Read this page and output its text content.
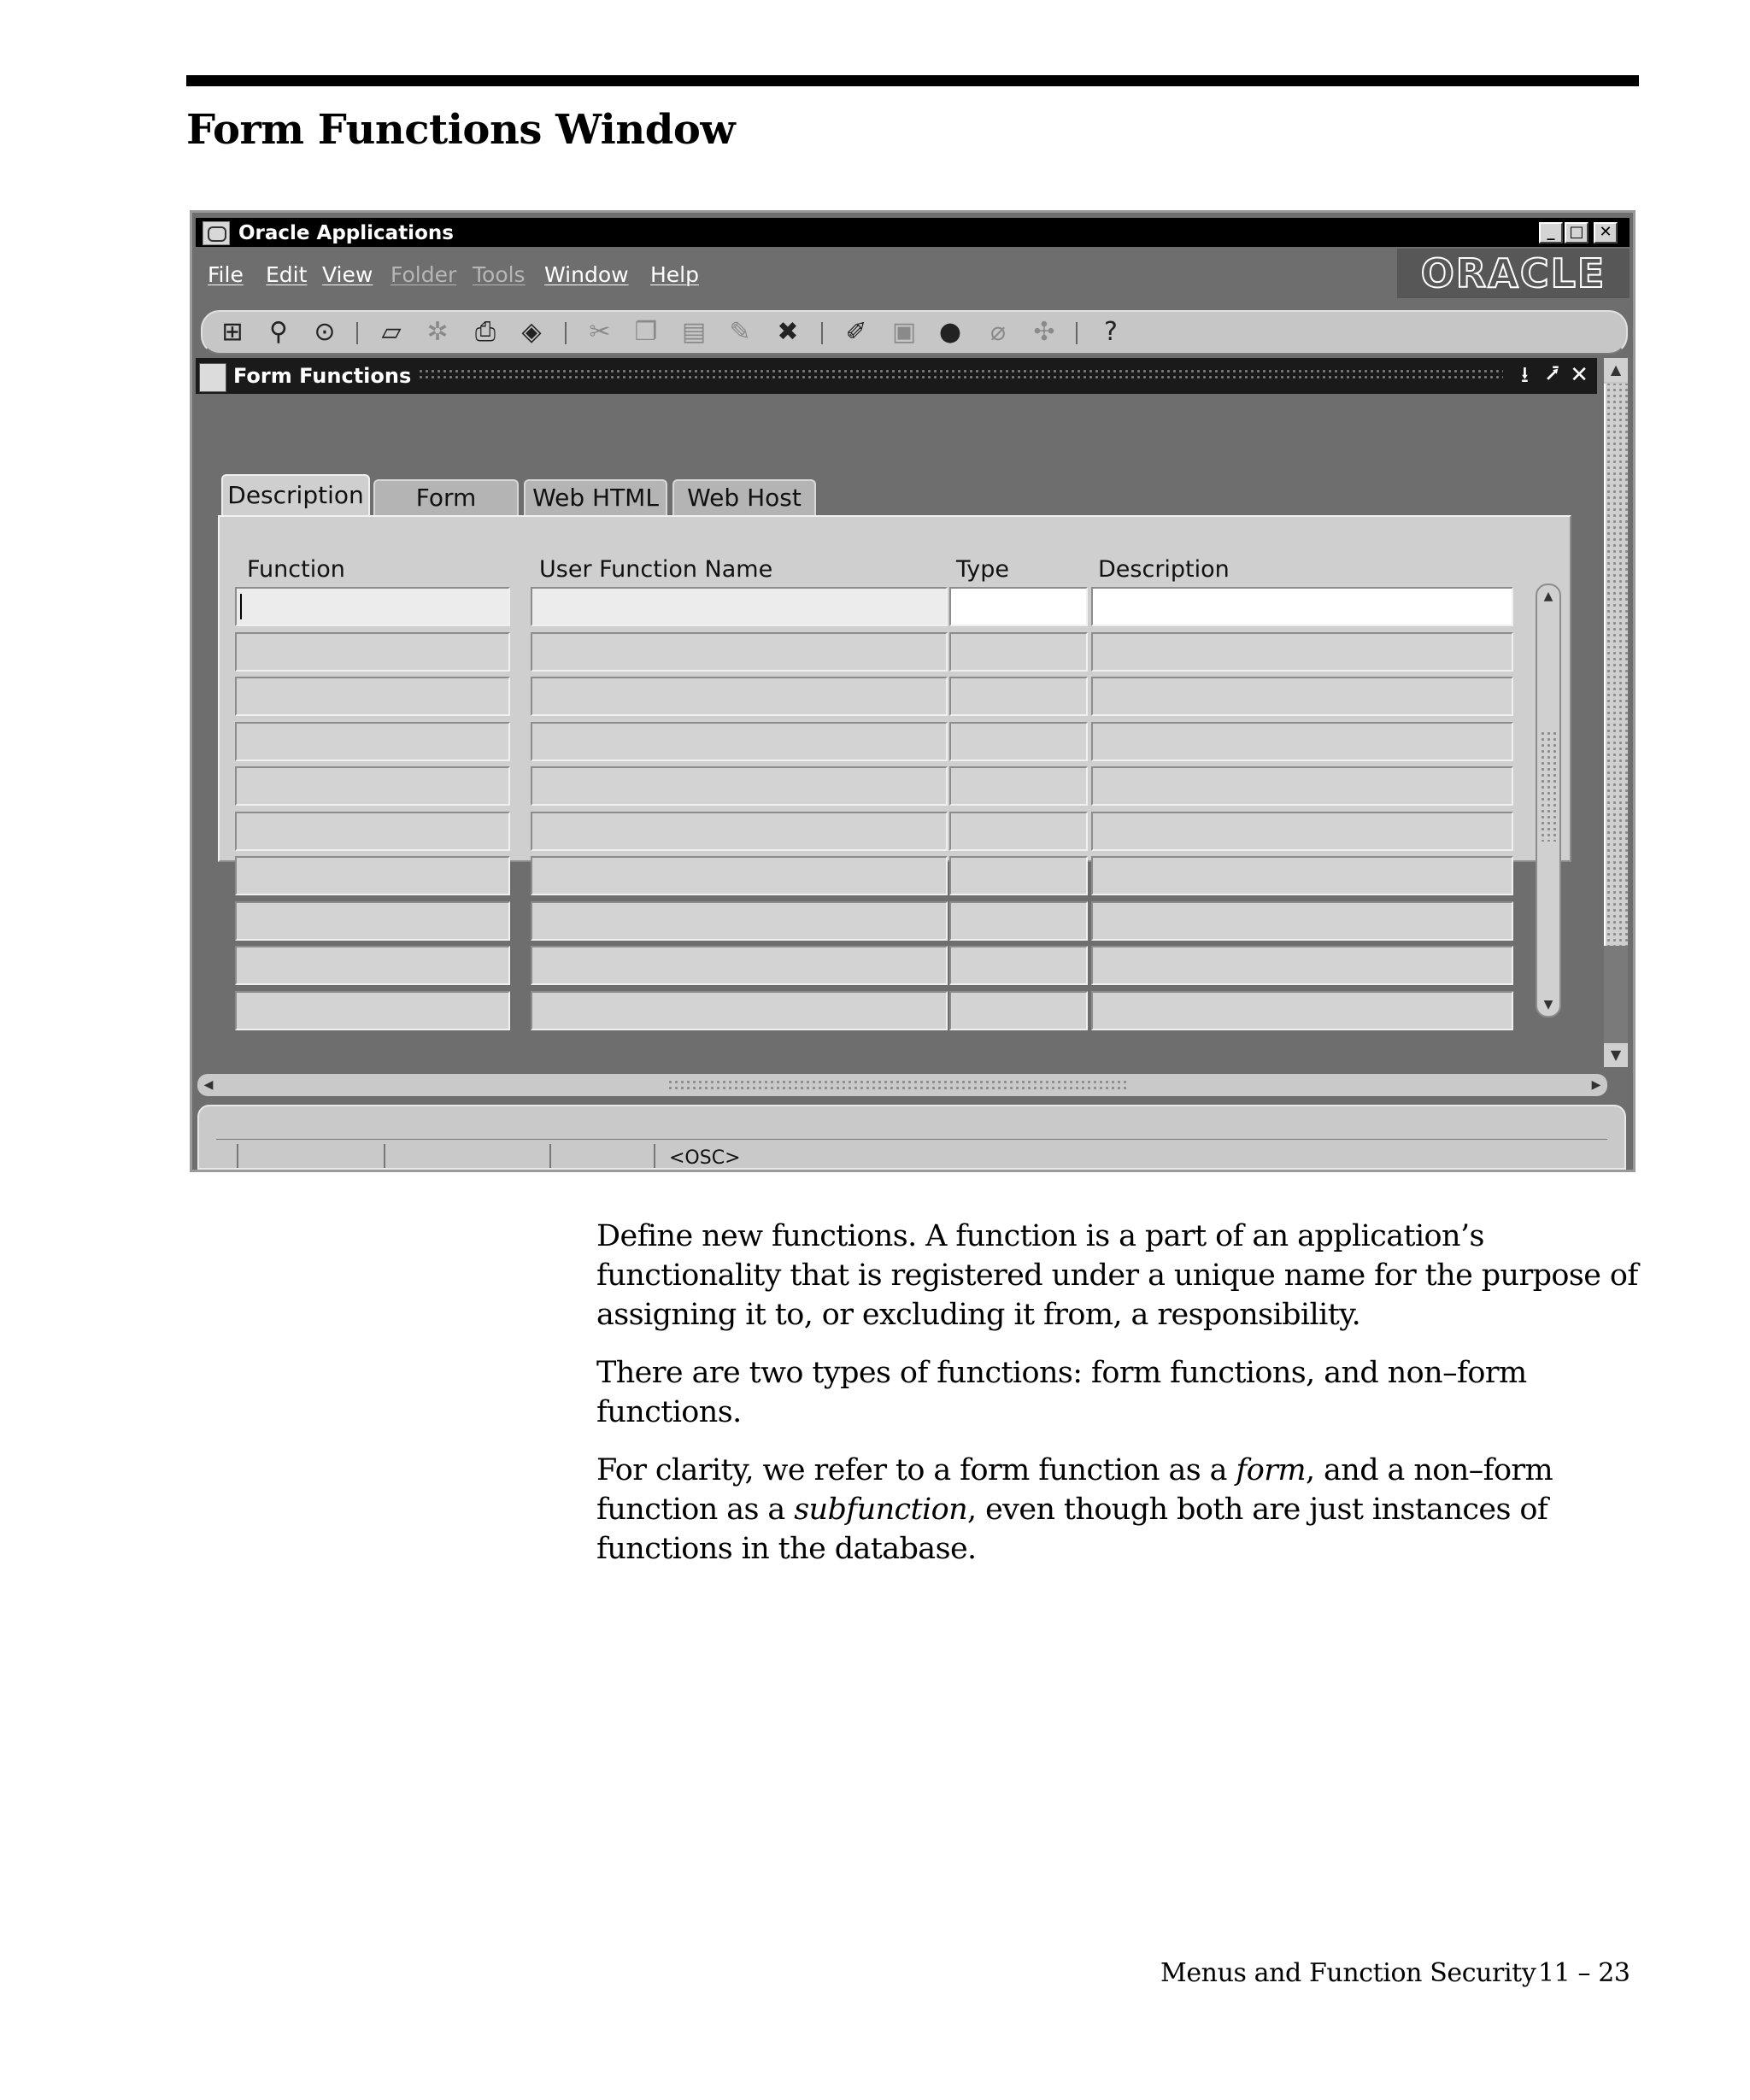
Form Functions Window
Oracle Applications	_ □ ✕
File Edit View Folder Tools Window Help	ORACLE
⊞ ⚲ ⊙ ▱ ✲ ⎙ ◈ ✂ ❐ ▤ ✎ ✖ ✐ ▣ ● ⌀ ✣	?
Form Functions	⭳ ⭷ ✕	▲
▼
Description	Form	Web HTML	Web Host
Function	User Function Name	Type	Description
▲
▼
◀	▶
<OSC>

Define new functions. A function is a part of an application’s functionality that is registered under a unique name for the purpose of assigning it to, or excluding it from, a responsibility.

There are two types of functions: form functions, and non–form functions.

For clarity, we refer to a form function as a form, and a non–form function as a subfunction, even though both are just instances of functions in the database.

Menus and Function Security 11 – 23
